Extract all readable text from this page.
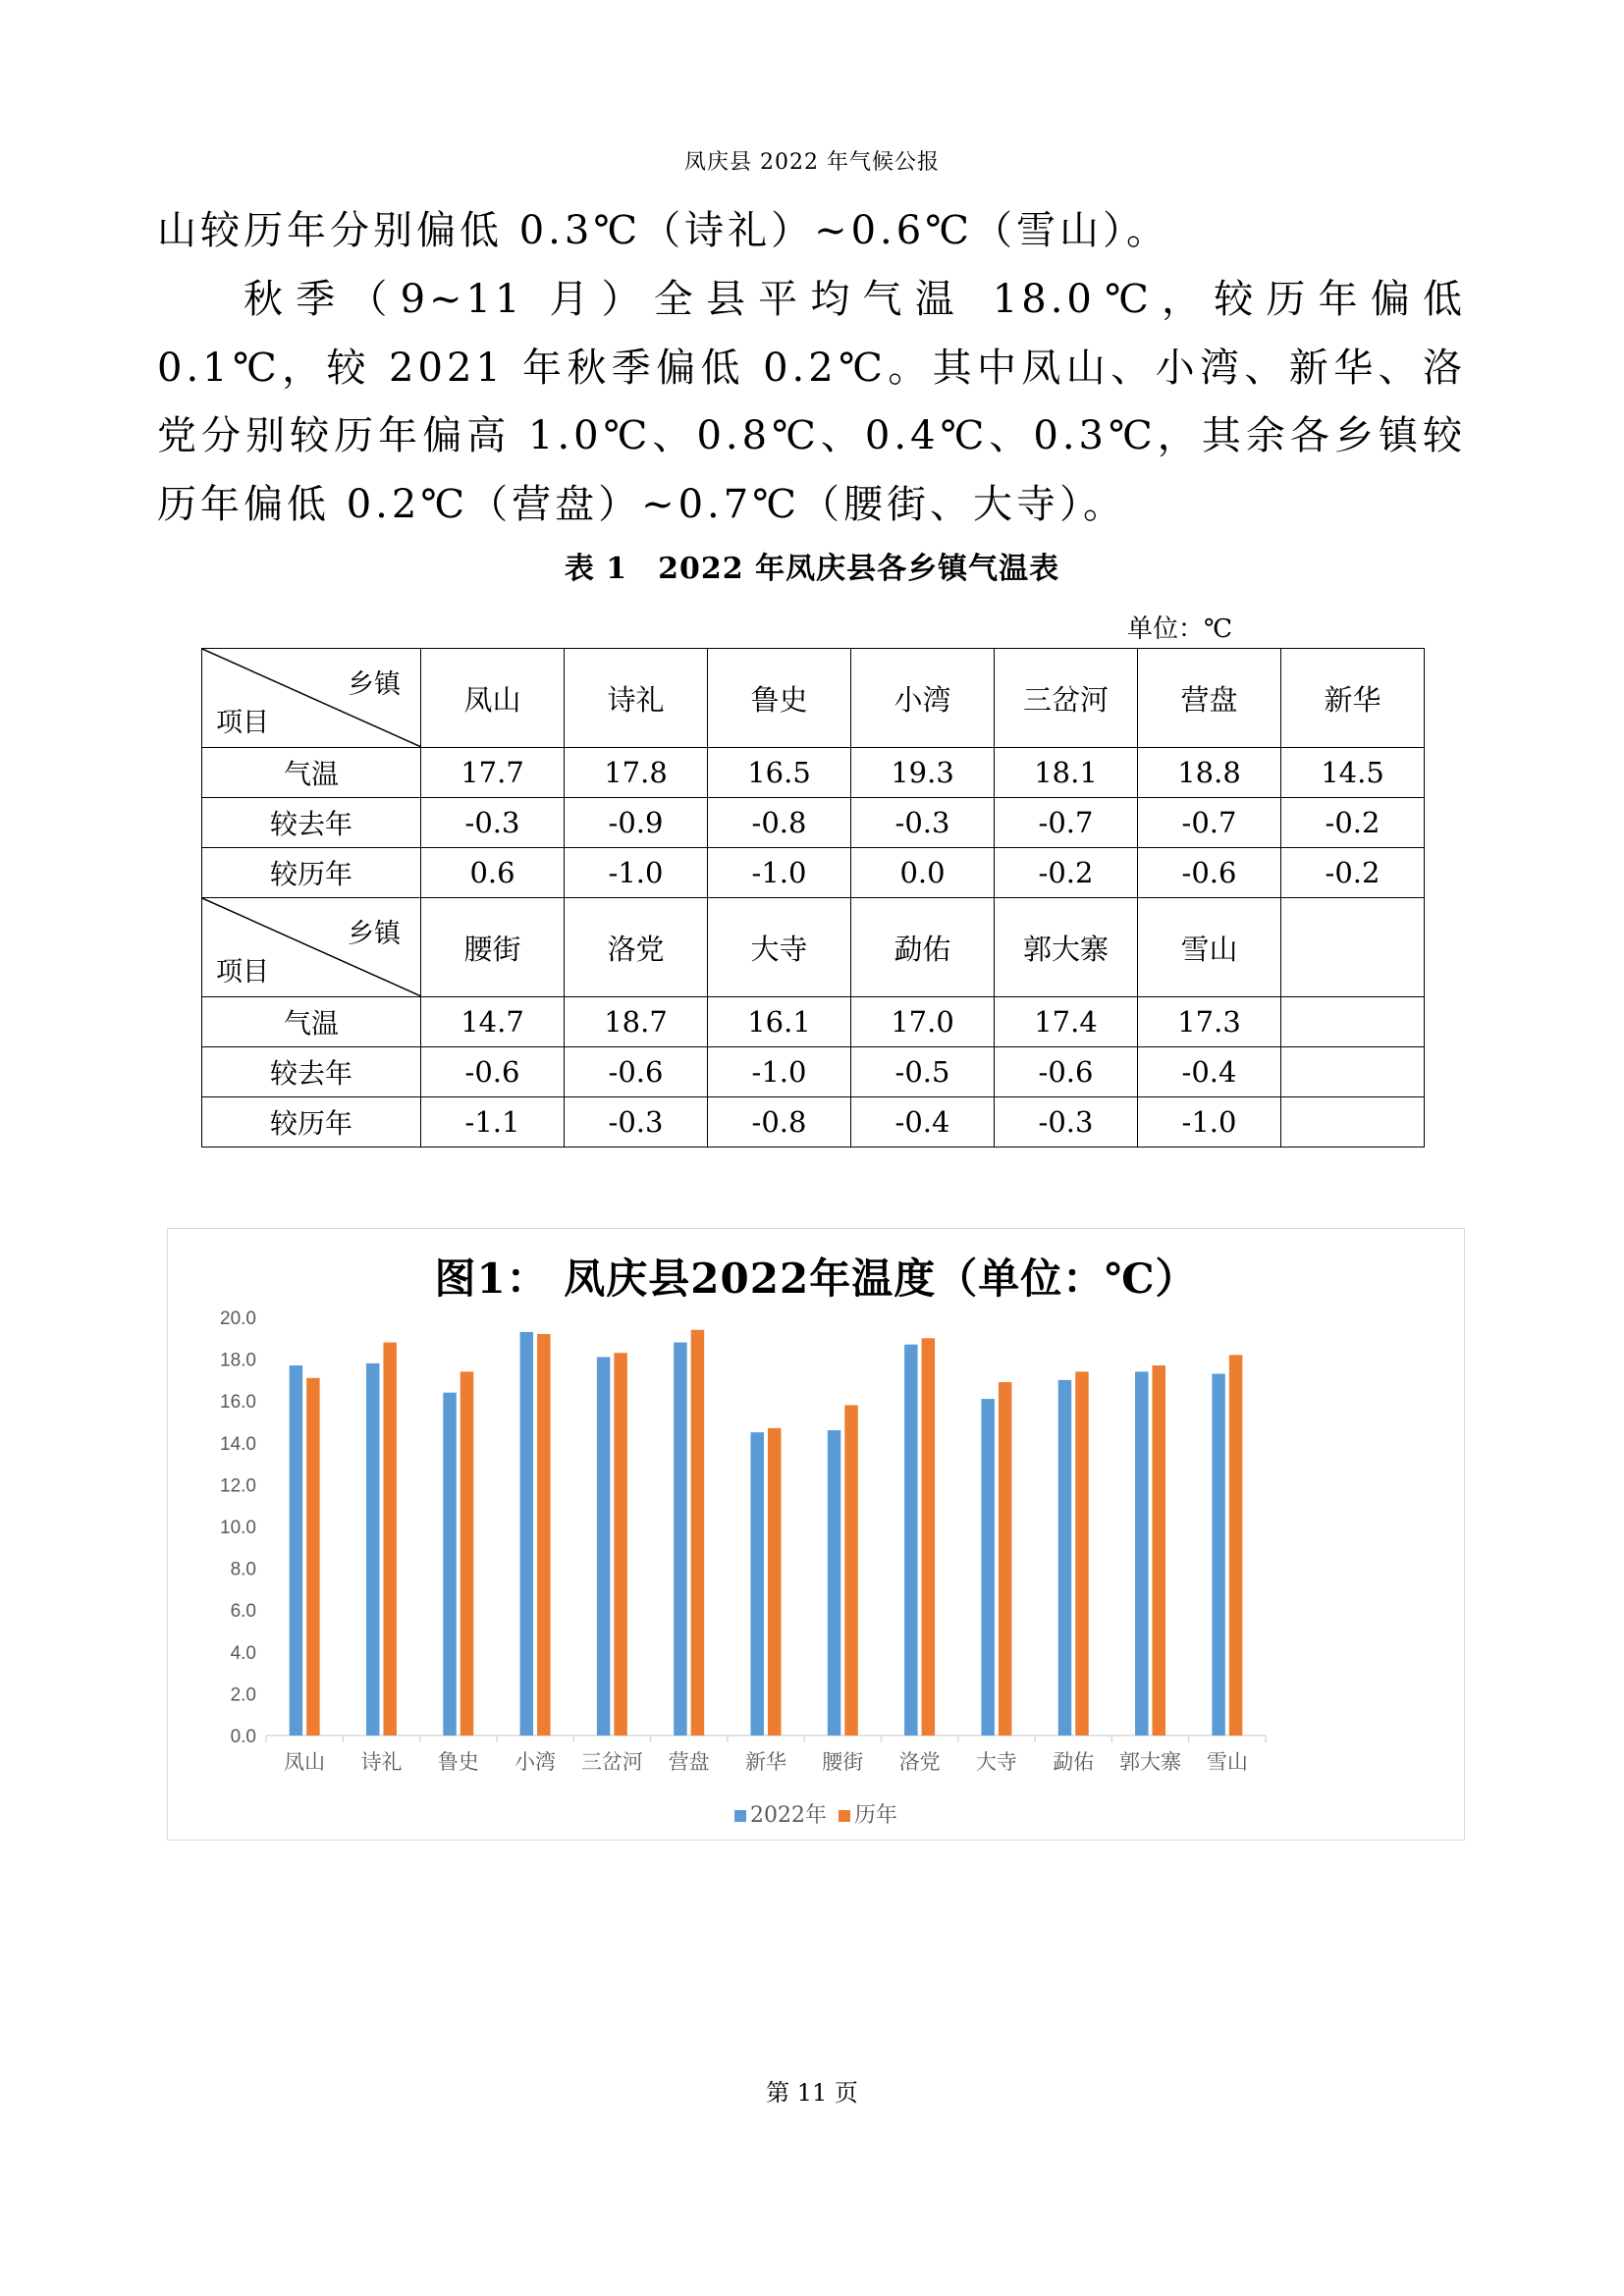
凤庆县 2022 年气候公报

山较历年分别偏低 0.3℃（诗礼）~0.6℃（雪山）。

秋季（9~11 月）全县平均气温 18.0℃，较历年偏低 0.1℃，较 2021 年秋季偏低 0.2℃。其中凤山、小湾、新华、洛党分别较历年偏高 1.0℃、0.8℃、0.4℃、0.3℃，其余各乡镇较历年偏低 0.2℃（营盘）~0.7℃（腰街、大寺）。

表 1　2022 年凤庆县各乡镇气温表
单位：℃
乡镇
项目	凤山	诗礼	鲁史	小湾	三岔河	营盘	新华
气温	17.7	17.8	16.5	19.3	18.1	18.8	14.5
较去年	-0.3	-0.9	-0.8	-0.3	-0.7	-0.7	-0.2
较历年	0.6	-1.0	-1.0	0.0	-0.2	-0.6	-0.2

乡镇
项目	腰街	洛党	大寺	勐佑	郭大寨	雪山	
气温	14.7	18.7	16.1	17.0	17.4	17.3	
较去年	-0.6	-0.6	-1.0	-0.5	-0.6	-0.4	
较历年	-1.1	-0.3	-0.8	-0.4	-0.3	-1.0	
图1： 凤庆县2022年温度（单位：℃）
0.0
2.0
4.0
6.0
8.0
10.0
12.0
14.0
16.0
18.0
20.0
凤山 诗礼 鲁史 小湾 三岔河 营盘 新华 腰街 洛党 大寺 勐佑 郭大寨 雪山
2022年 历年
第 11 页
